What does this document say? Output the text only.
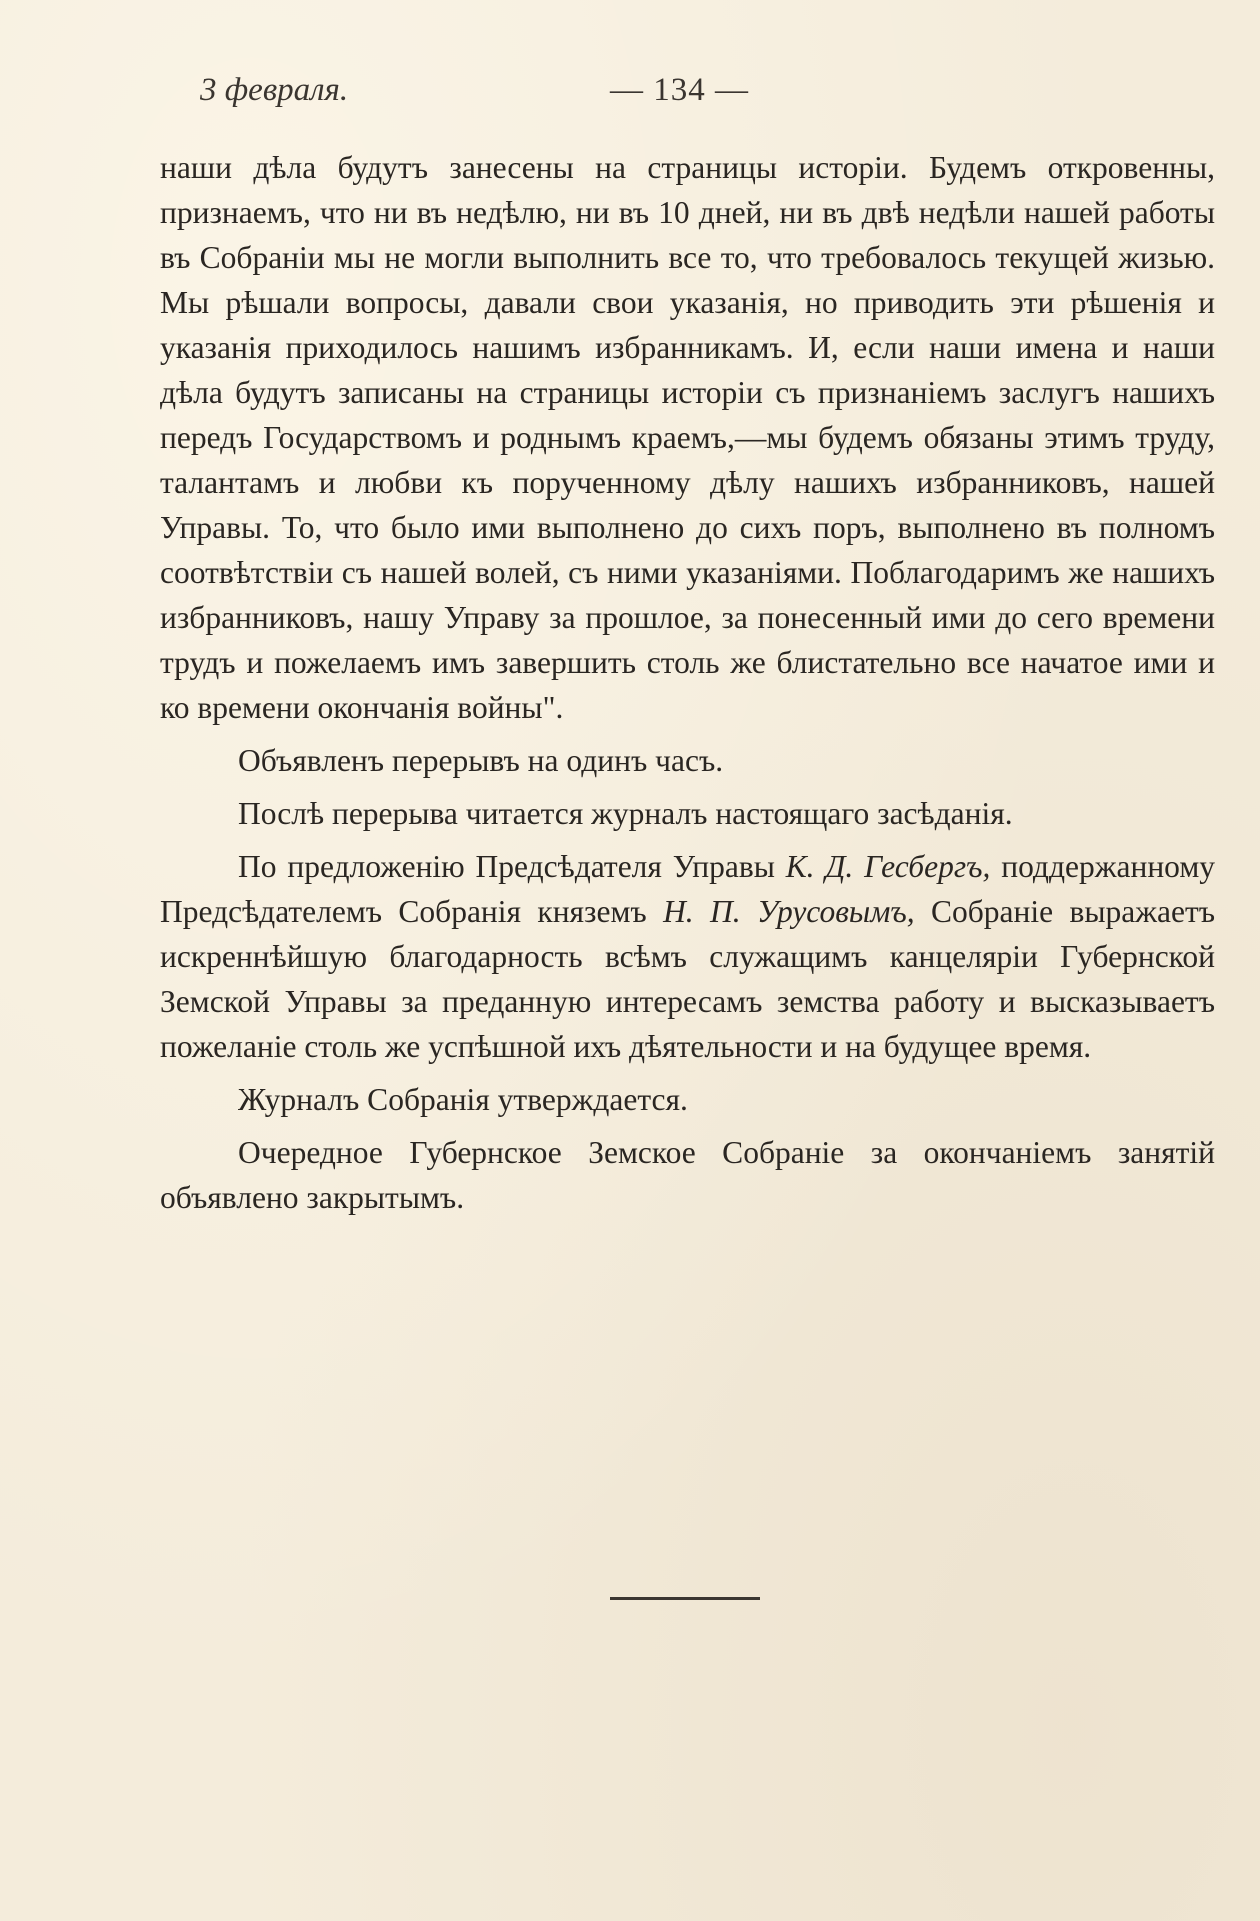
3 февраля.	— 134 —

наши дѣла будутъ занесены на страницы исторіи. Будемъ откровенны, признаемъ, что ни въ недѣлю, ни въ 10 дней, ни въ двѣ недѣли нашей работы въ Собраніи мы не могли выполнить все то, что требовалось текущей жизью. Мы рѣшали вопросы, давали свои указанія, но приводить эти рѣшенія и указанія приходилось нашимъ избранникамъ. И, если наши имена и наши дѣла будутъ записаны на страницы исторіи съ признаніемъ заслугъ нашихъ передъ Государствомъ и роднымъ краемъ,—мы будемъ обязаны этимъ труду, талантамъ и любви къ порученному дѣлу нашихъ избранниковъ, нашей Управы. То, что было ими выполнено до сихъ поръ, выполнено въ полномъ соотвѣтствіи съ нашей волей, съ ними указаніями. Поблагодаримъ же нашихъ избранниковъ, нашу Управу за прошлое, за понесенный ими до сего времени трудъ и пожелаемъ имъ завершить столь же блистательно все начатое ими и ко времени окончанія войны".

Объявленъ перерывъ на одинъ часъ.

Послѣ перерыва читается журналъ настоящаго засѣданія.

По предложенію Предсѣдателя Управы К. Д. Гесбергъ, поддержанному Предсѣдателемъ Собранія княземъ Н. П. Урусовымъ, Собраніе выражаетъ искреннѣйшую благодарность всѣмъ служащимъ канцеляріи Губернской Земской Управы за преданную интересамъ земства работу и высказываетъ пожеланіе столь же успѣшной ихъ дѣятельности и на будущее время.

Журналъ Собранія утверждается.

Очередное Губернское Земское Собраніе за окончаніемъ занятій объявлено закрытымъ.
